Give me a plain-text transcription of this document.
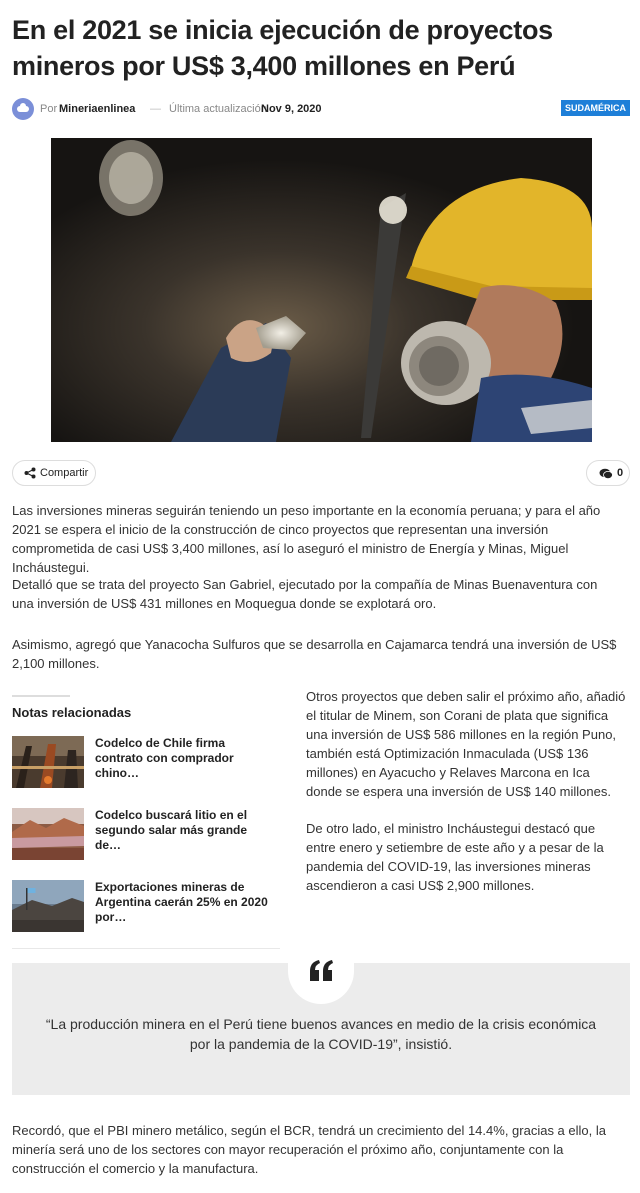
En el 2021 se inicia ejecución de proyectos mineros por US$ 3,400 millones en Perú
Por Mineriaenlinea — Última actualización
Nov 9, 2020	SUDAMÉRICA
Compartir	0

Las inversiones mineras seguirán teniendo un peso importante en la economía peruana; y para el año 2021 se espera el inicio de la construcción de cinco proyectos que representan una inversión comprometida de casi US$ 3,400 millones, así lo aseguró el ministro de Energía y Minas, Miguel Incháustegui.

Detalló que se trata del proyecto San Gabriel, ejecutado por la compañía de Minas Buenaventura con una inversión de US$ 431 millones en Moquegua donde se explotará oro.

Asimismo, agregó que Yanacocha Sulfuros que se desarrolla en Cajamarca tendrá una inversión de US$ 2,100 millones.

Notas relacionadas
Codelco de Chile firma contrato con comprador chino…
Codelco buscará litio en el segundo salar más grande de…
Exportaciones mineras de Argentina caerán 25% en 2020 por…

Otros proyectos que deben salir el próximo año, añadió el titular de Minem, son Corani de plata que significa una inversión de US$ 586 millones en la región Puno, también está Optimización Inmaculada (US$ 136 millones) en Ayacucho y Relaves Marcona en Ica donde se espera una inversión de US$ 140 millones.

De otro lado, el ministro Incháustegui destacó que entre enero y setiembre de este año y a pesar de la pandemia del COVID-19, las inversiones mineras ascendieron a casi US$ 2,900 millones.

“La producción minera en el Perú tiene buenos avances en medio de la crisis económica por la pandemia de la COVID-19”, insistió.

Recordó, que el PBI minero metálico, según el BCR, tendrá un crecimiento del 14.4%, gracias a ello, la minería será uno de los sectores con mayor recuperación el próximo año, conjuntamente con la construcción el comercio y la manufactura.
